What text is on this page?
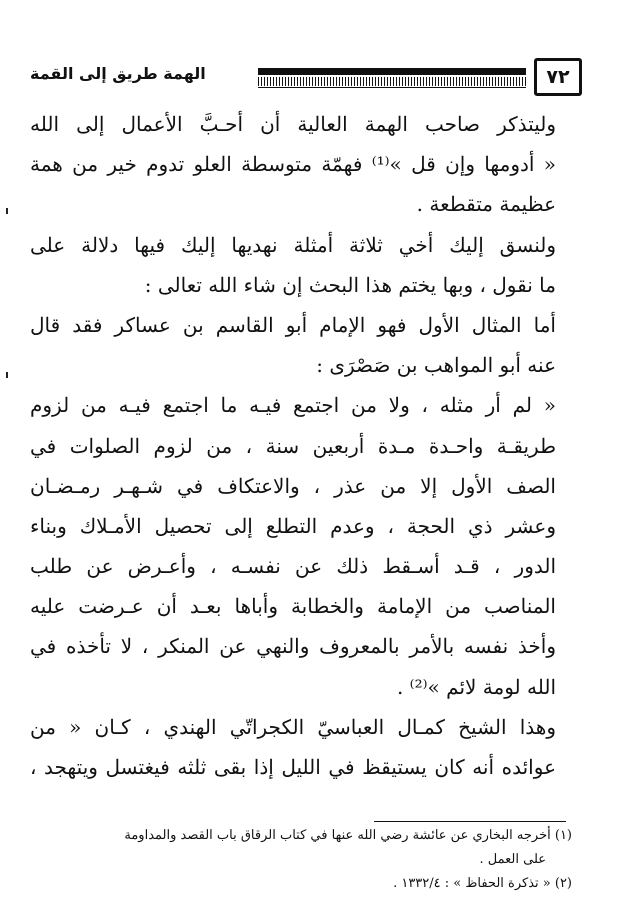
الهمة طريق إلى القمة	٧٢
وليتذكر صاحب الهمة العالية أن أحـبَّ الأعمال إلى الله
« أدومها وإن قل »⁽¹⁾ فهمّة متوسطة العلو تدوم خير من همة
عظيمة متقطعة .
ولنسق إليك أخي ثلاثة أمثلة نهديها إليك فيها دلالة على
ما نقول ، وبها يختم هذا البحث إن شاء الله تعالى :
أما المثال الأول فهو الإمام أبو القاسم بن عساكر فقد قال
عنه أبو المواهب بن صَصْرَى :
« لم أر مثله ، ولا من اجتمع فيـه ما اجتمع فيـه من لزوم
طريقـة واحـدة مـدة أربعين سنة ، من لزوم الصلوات في
الصف الأول إلا من عذر ، والاعتكاف في شـهـر رمـضـان
وعشر ذي الحجة ، وعدم التطلع إلى تحصيل الأمـلاك وبناء
الدور ، قـد أسـقط ذلك عن نفسـه ، وأعـرض عن طلب
المناصب من الإمامة والخطابة وأباها بعـد أن عـرضت عليه
وأخذ نفسه بالأمر بالمعروف والنهي عن المنكر ، لا تأخذه في
الله لومة لائم »⁽²⁾ .
وهذا الشيخ كمـال العباسيّ الكجراتّي الهندي ، كـان « من
عوائده أنه كان يستيقظ في الليل إذا بقى ثلثه فيغتسل ويتهجد ،
(١) أخرجه البخاري عن عائشة رضي الله عنها في كتاب الرقاق باب القصد والمداومة
على العمل .
(٢) « تذكرة الحفاظ » : ١٣٣٢/٤ .
